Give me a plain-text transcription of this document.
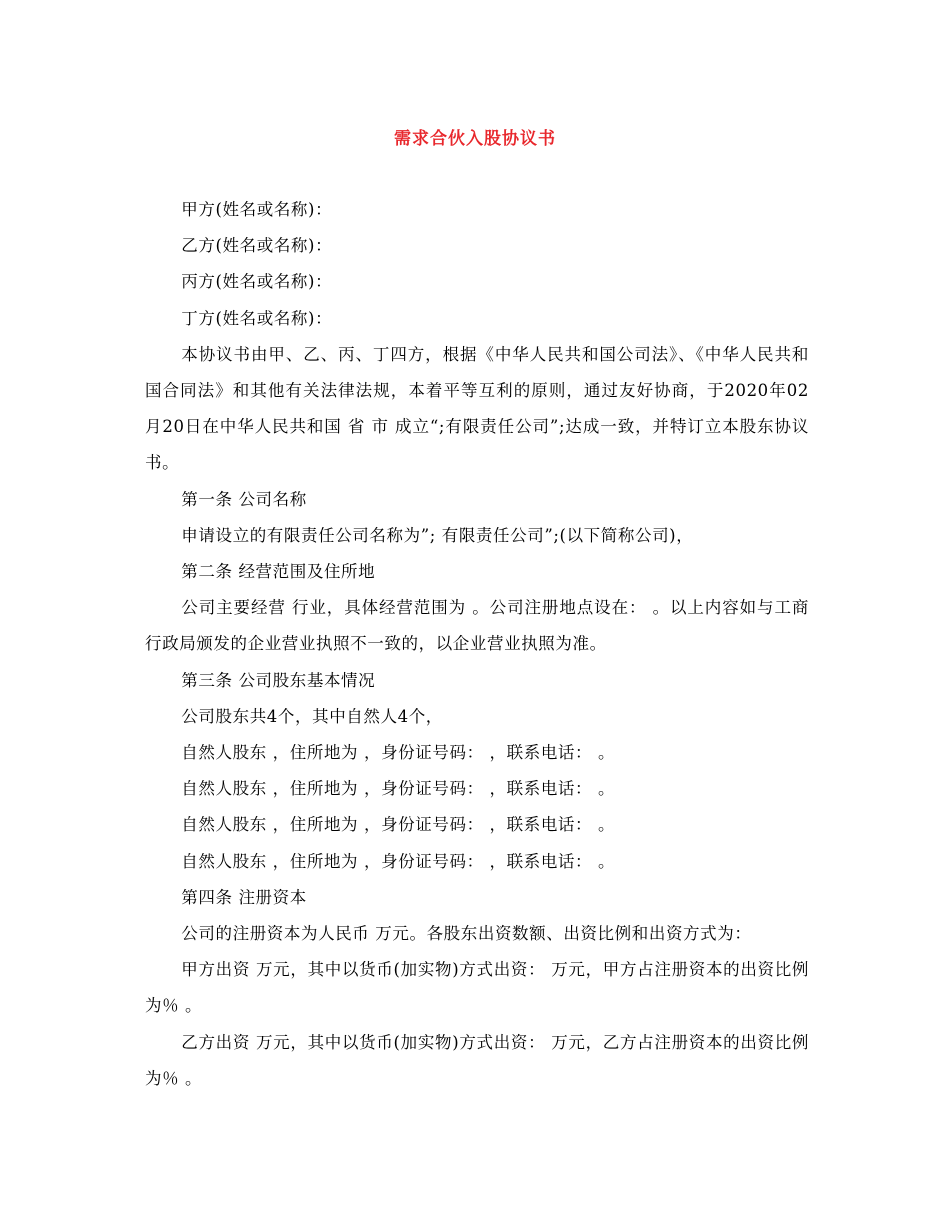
需求合伙入股协议书

甲方(姓名或名称)：

乙方(姓名或名称)：

丙方(姓名或名称)：

丁方(姓名或名称)：

本协议书由甲、乙、丙、丁四方，根据《中华人民共和国公司法》、《中华人民共和国合同法》和其他有关法律法规，本着平等互利的原则，通过友好协商，于2020年02月20日在中华人民共和国 省 市 成立“;有限责任公司”;达成一致，并特订立本股东协议书。

第一条 公司名称

申请设立的有限责任公司名称为”; 有限责任公司”;(以下简称公司)，

第二条 经营范围及住所地

公司主要经营 行业，具体经营范围为 。公司注册地点设在： 。以上内容如与工商行政局颁发的企业营业执照不一致的，以企业营业执照为准。

第三条 公司股东基本情况

公司股东共4个，其中自然人4个，

自然人股东 ，住所地为 ，身份证号码： ，联系电话： 。

自然人股东 ，住所地为 ，身份证号码： ，联系电话： 。

自然人股东 ，住所地为 ，身份证号码： ，联系电话： 。

自然人股东 ，住所地为 ，身份证号码： ，联系电话： 。

第四条 注册资本

公司的注册资本为人民币 万元。各股东出资数额、出资比例和出资方式为：

甲方出资 万元，其中以货币(加实物)方式出资： 万元，甲方占注册资本的出资比例为％ 。

乙方出资 万元，其中以货币(加实物)方式出资： 万元，乙方占注册资本的出资比例为％ 。
